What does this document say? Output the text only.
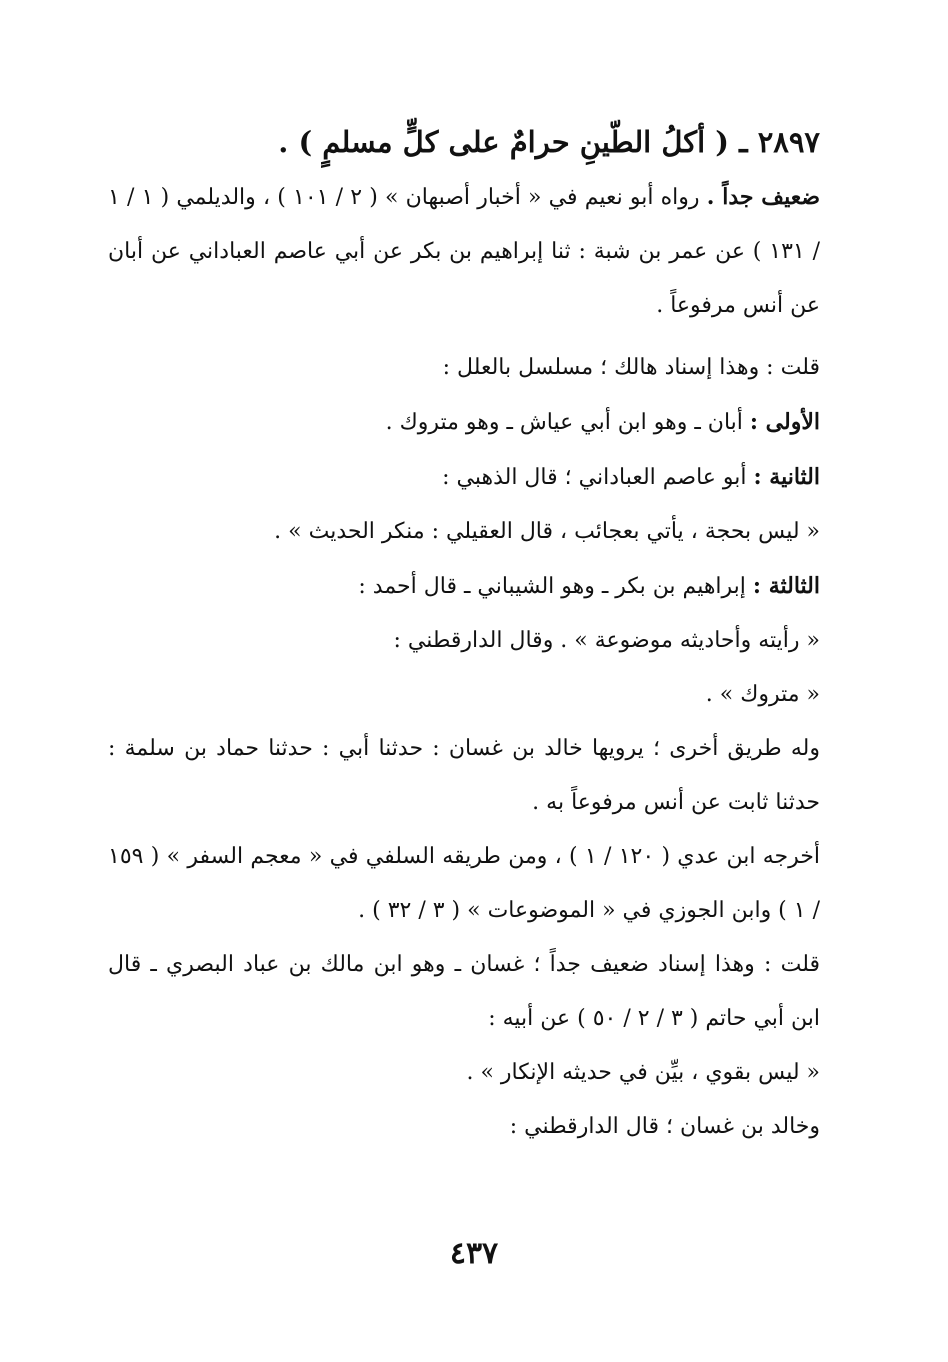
٢٨٩٧ ـ ( أكلُ الطّينِ حرامٌ على كلٍّ مسلمٍ ) .

ضعيف جداً . رواه أبو نعيم في « أخبار أصبهان » ( ٢ / ١٠١ ) ، والديلمي ( ١ / ١ / ١٣١ ) عن عمر بن شبة : ثنا إبراهيم بن بكر عن أبي عاصم العباداني عن أبان عن أنس مرفوعاً .

قلت : وهذا إسناد هالك ؛ مسلسل بالعلل :

الأولى : أبان ـ وهو ابن أبي عياش ـ وهو متروك .

الثانية : أبو عاصم العباداني ؛ قال الذهبي :

« ليس بحجة ، يأتي بعجائب ، قال العقيلي : منكر الحديث » .

الثالثة : إبراهيم بن بكر ـ وهو الشيباني ـ قال أحمد :

« رأيته وأحاديثه موضوعة » . وقال الدارقطني :

« متروك » .

وله طريق أخرى ؛ يرويها خالد بن غسان : حدثنا أبي : حدثنا حماد بن سلمة : حدثنا ثابت عن أنس مرفوعاً به .

أخرجه ابن عدي ( ١٢٠ / ١ ) ، ومن طريقه السلفي في « معجم السفر » ( ١٥٩ / ١ ) وابن الجوزي في « الموضوعات » ( ٣ / ٣٢ ) .

قلت : وهذا إسناد ضعيف جداً ؛ غسان ـ وهو ابن مالك بن عباد البصري ـ قال ابن أبي حاتم ( ٣ / ٢ / ٥٠ ) عن أبيه :

« ليس بقوي ، بيِّن في حديثه الإنكار » .

وخالد بن غسان ؛ قال الدارقطني :

٤٣٧
